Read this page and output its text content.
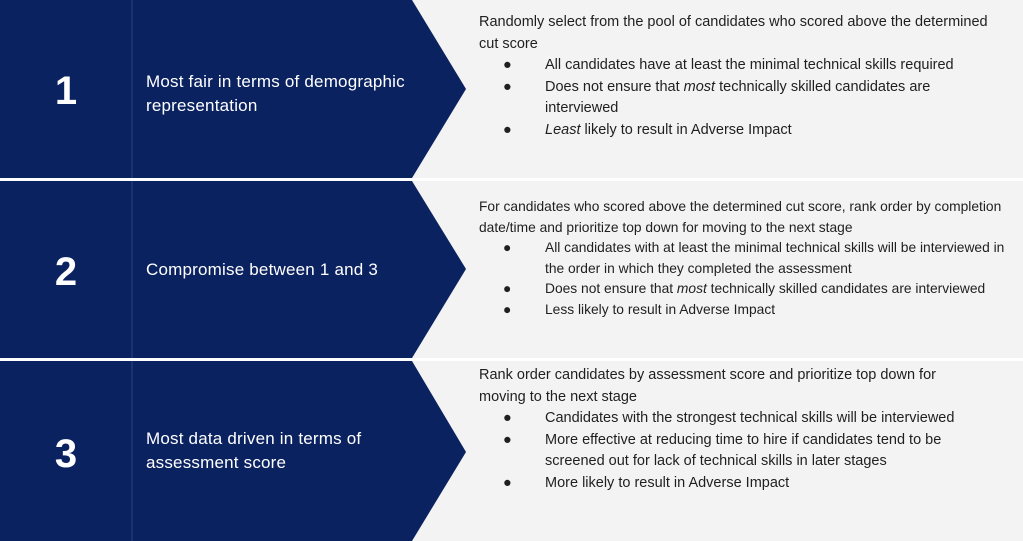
1	Most fair in terms of demographic representation

Randomly select from the pool of candidates who scored above the determined cut score

● All candidates have at least the minimal technical skills required
● Does not ensure that most technically skilled candidates are interviewed
● Least likely to result in Adverse Impact
2	Compromise between 1 and 3

For candidates who scored above the determined cut score, rank order by completion date/time and prioritize top down for moving to the next stage

● All candidates with at least the minimal technical skills will be interviewed in the order in which they completed the assessment
● Does not ensure that most technically skilled candidates are interviewed
● Less likely to result in Adverse Impact
3	Most data driven in terms of assessment score

Rank order candidates by assessment score and prioritize top down for moving to the next stage

● Candidates with the strongest technical skills will be interviewed
● More effective at reducing time to hire if candidates tend to be screened out for lack of technical skills in later stages
● More likely to result in Adverse Impact
